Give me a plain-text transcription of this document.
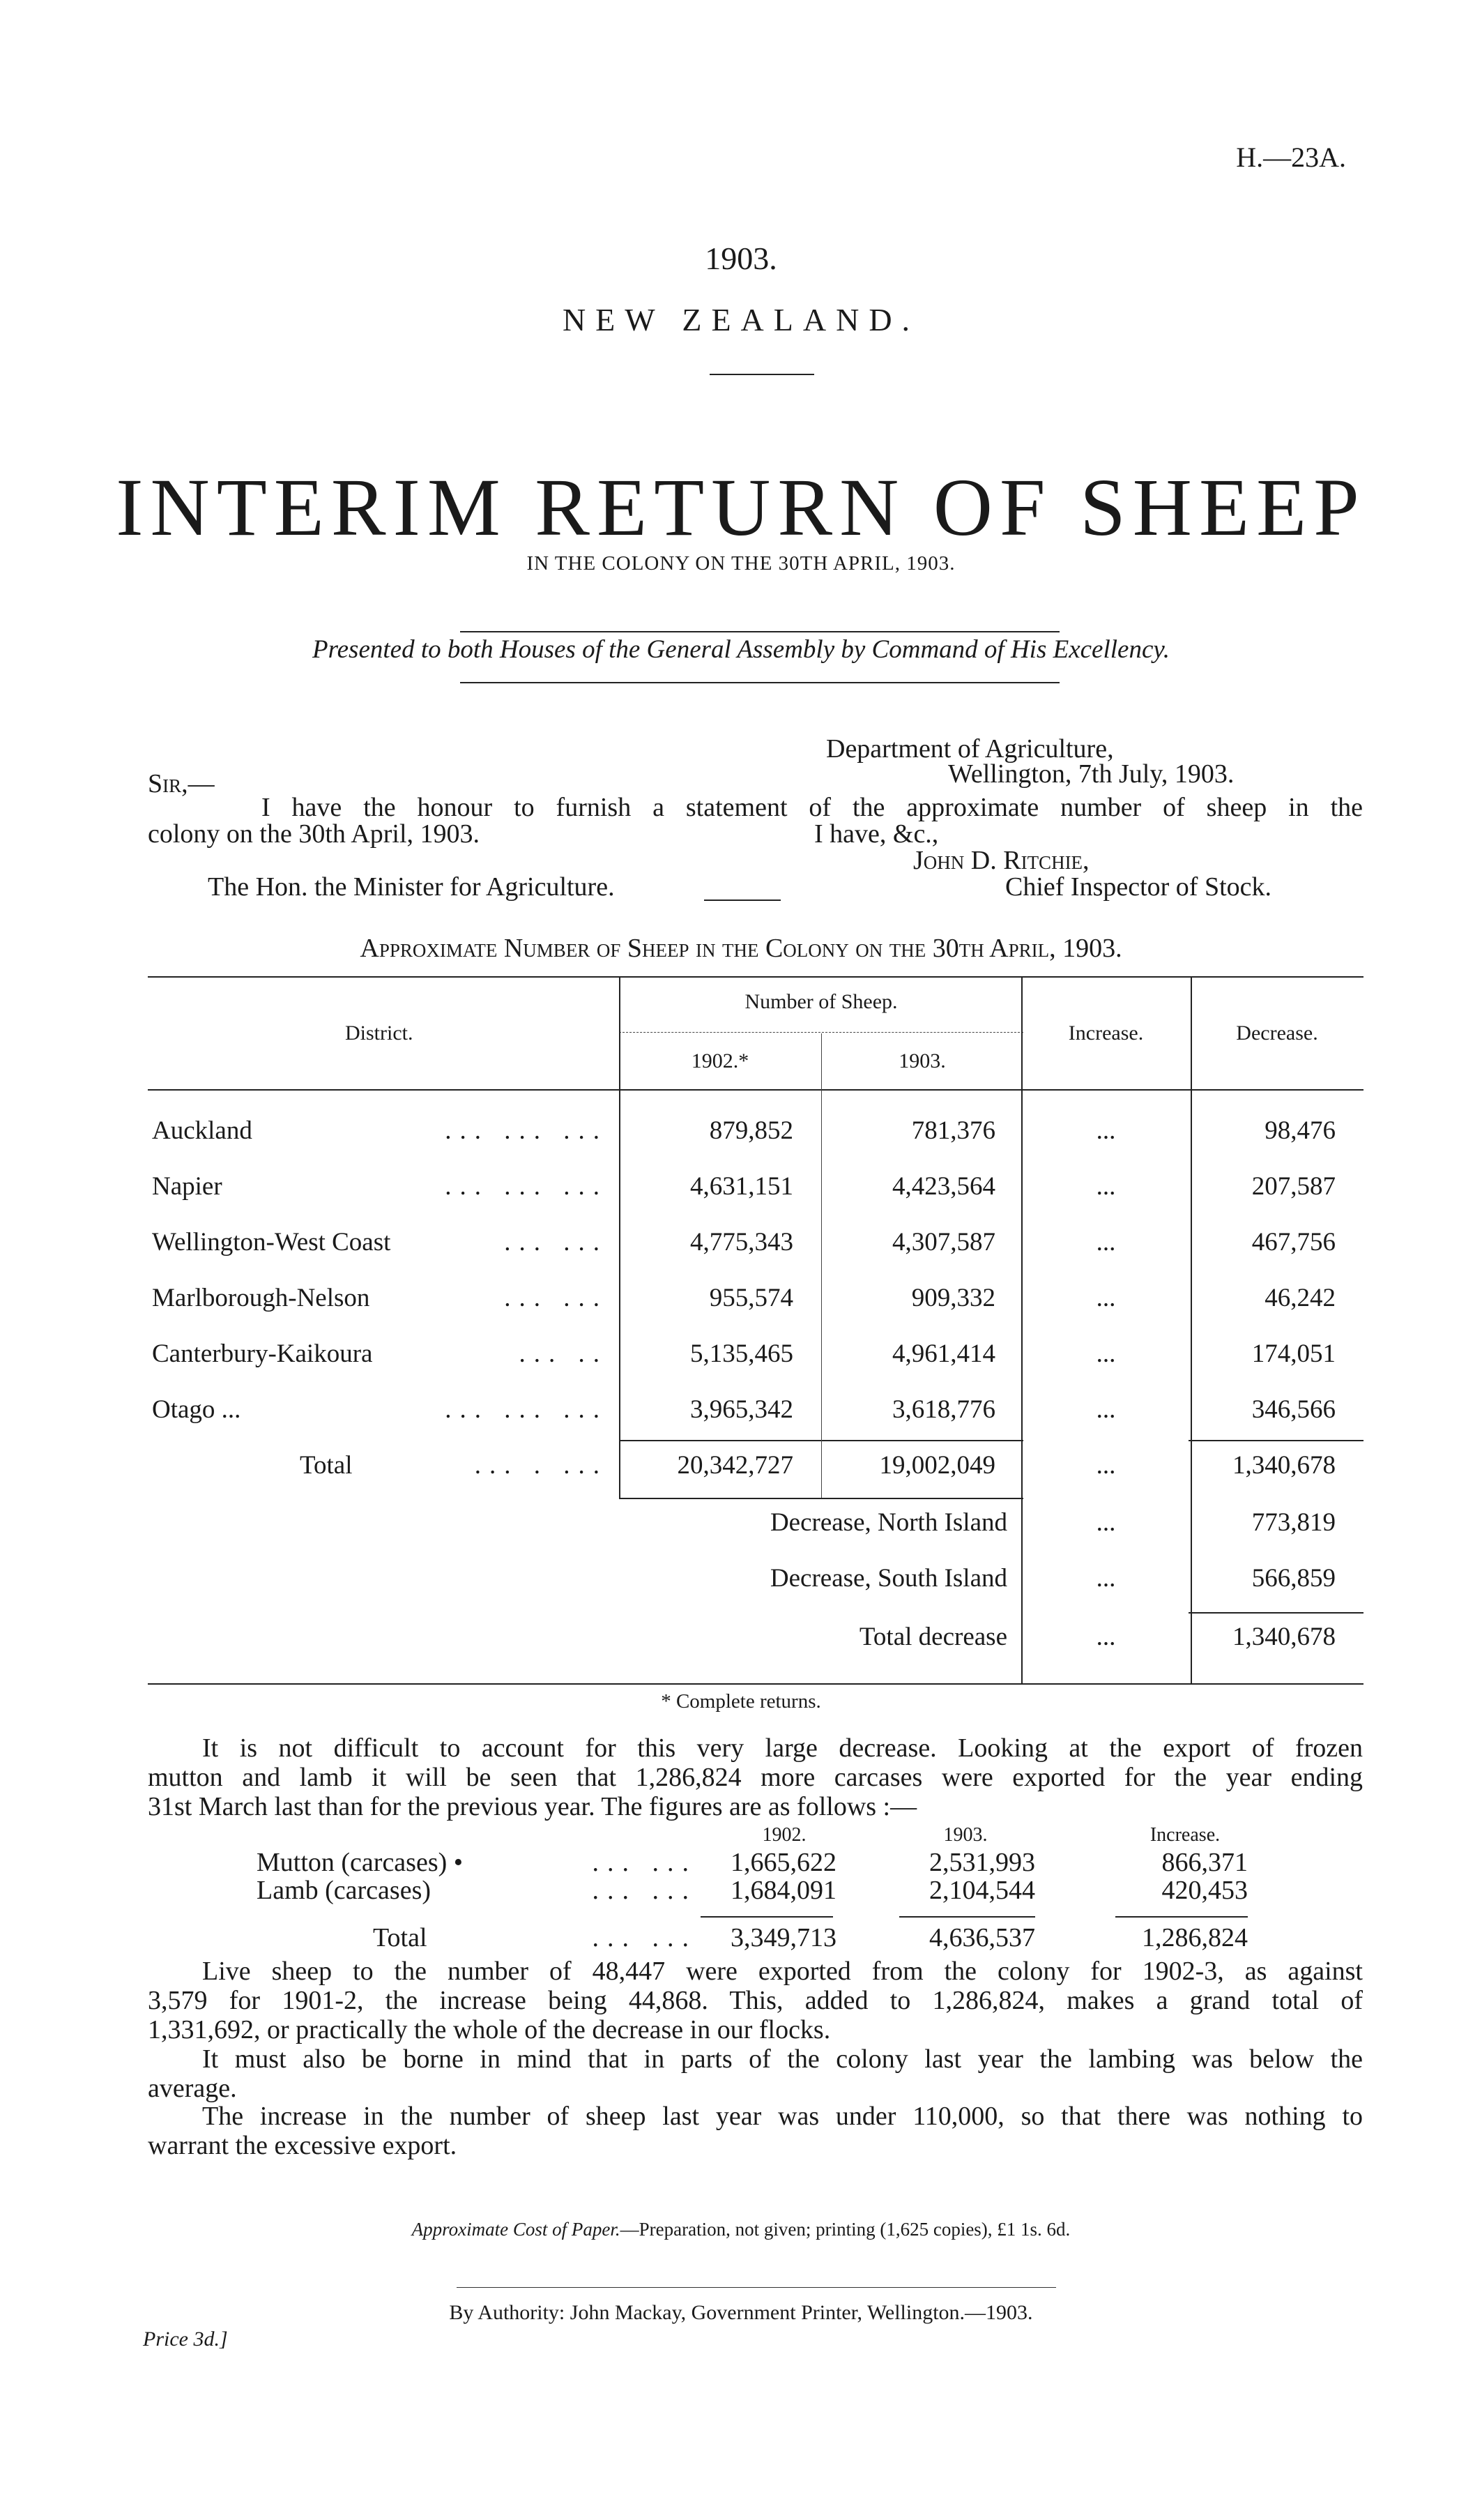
H.—23A.
1903.
NEW ZEALAND.
INTERIM RETURN OF SHEEP
IN THE COLONY ON THE 30TH APRIL, 1903.
Presented to both Houses of the General Assembly by Command of His Excellency.
Department of Agriculture,
Wellington, 7th July, 1903.
Sir,—
I have the honour to furnish a statement of the approximate number of sheep in the
colony on the 30th April, 1903.	I have, &c.,
John D. Ritchie,
The Hon. the Minister for Agriculture.	Chief Inspector of Stock.
Approximate Number of Sheep in the Colony on the 30th April, 1903.
District.
Number of Sheep.
1902.*	1903.
Increase.	Decrease.
Auckland	... ... ...	879,852	781,376	...	98,476
Napier	... ... ...	4,631,151	4,423,564	...	207,587
Wellington-West Coast	... ...	4,775,343	4,307,587	...	467,756
Marlborough-Nelson	... ...	955,574	909,332	...	46,242
Canterbury-Kaikoura	... ..	5,135,465	4,961,414	...	174,051
Otago ...	... ... ...	3,965,342	3,618,776	...	346,566
Total	... . ...	20,342,727	19,002,049	...	1,340,678
Decrease, North Island	...	773,819
Decrease, South Island	...	566,859
Total decrease	...	1,340,678
* Complete returns.
It is not difficult to account for this very large decrease. Looking at the export of frozen
mutton and lamb it will be seen that 1,286,824 more carcases were exported for the year ending
31st March last than for the previous year. The figures are as follows :—
1902.	1903.	Increase.
Mutton (carcases) •	... ...	1,665,622	2,531,993	866,371
Lamb (carcases)	... ...	1,684,091	2,104,544	420,453
Total	... ...	3,349,713	4,636,537	1,286,824
Live sheep to the number of 48,447 were exported from the colony for 1902-3, as against
3,579 for 1901-2, the increase being 44,868. This, added to 1,286,824, makes a grand total of
1,331,692, or practically the whole of the decrease in our flocks.
It must also be borne in mind that in parts of the colony last year the lambing was below the
average.
The increase in the number of sheep last year was under 110,000, so that there was nothing to
warrant the excessive export.
Approximate Cost of Paper.—Preparation, not given; printing (1,625 copies), £1 1s. 6d.
By Authority: John Mackay, Government Printer, Wellington.—1903.
Price 3d.]
